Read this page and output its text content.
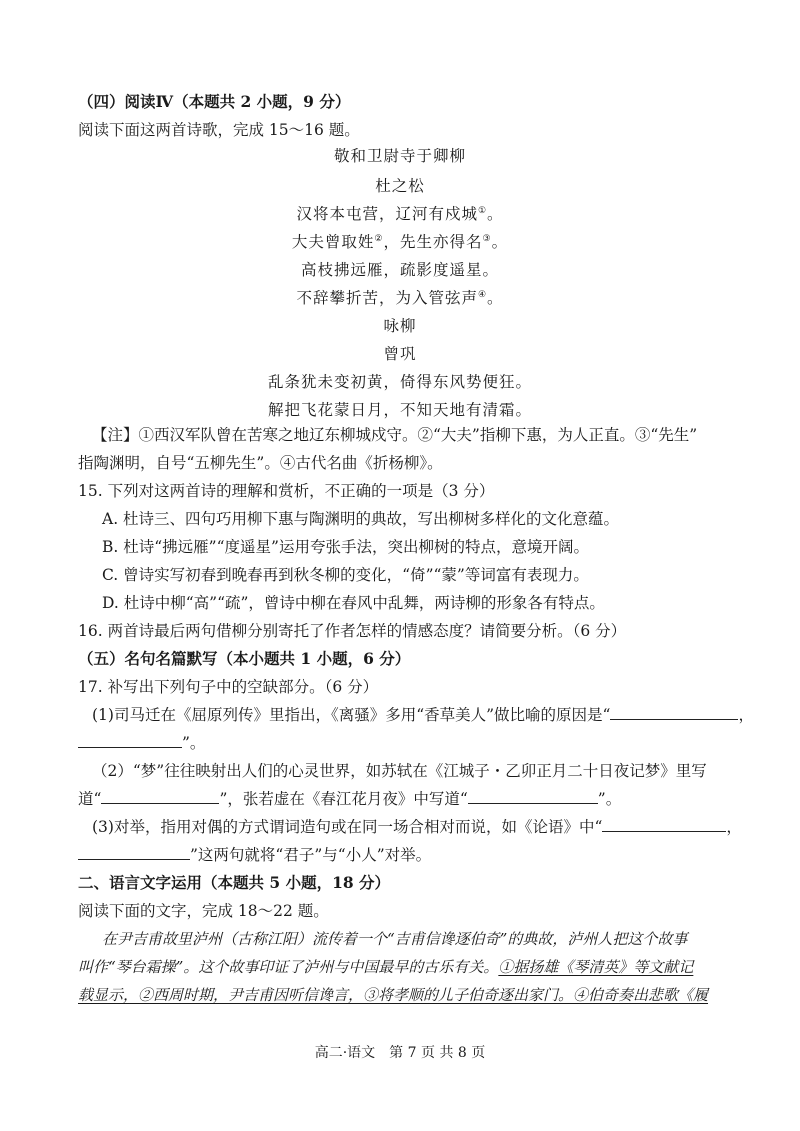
（四）阅读Ⅳ（本题共 2 小题，9 分）
阅读下面这两首诗歌，完成 15～16 题。
敬和卫尉寺于卿柳
杜之松
汉将本屯营，辽河有戍城①。
大夫曾取姓②，先生亦得名③。
高枝拂远雁，疏影度遥星。
不辞攀折苦，为入管弦声④。
咏柳
曾巩
乱条犹未变初黄，倚得东风势便狂。
解把飞花蒙日月，不知天地有清霜。
【注】①西汉军队曾在苦寒之地辽东柳城戍守。②“大夫”指柳下惠，为人正直。③“先生”
指陶渊明，自号“五柳先生”。④古代名曲《折杨柳》。
15. 下列对这两首诗的理解和赏析，不正确的一项是（3 分）
A. 杜诗三、四句巧用柳下惠与陶渊明的典故，写出柳树多样化的文化意蕴。
B. 杜诗“拂远雁”“度遥星”运用夸张手法，突出柳树的特点，意境开阔。
C. 曾诗实写初春到晚春再到秋冬柳的变化，“倚”“蒙”等词富有表现力。
D. 杜诗中柳“高”“疏”，曾诗中柳在春风中乱舞，两诗柳的形象各有特点。
16. 两首诗最后两句借柳分别寄托了作者怎样的情感态度？请简要分析。（6 分）
（五）名句名篇默写（本小题共 1 小题，6 分）
17. 补写出下列句子中的空缺部分。（6 分）
(1)司马迁在《屈原列传》里指出，《离骚》多用“香草美人”做比喻的原因是“	，
”。
（2）“梦”往往映射出人们的心灵世界，如苏轼在《江城子・乙卯正月二十日夜记梦》里写
道“	”，张若虚在《春江花月夜》中写道“	”。
(3)对举，指用对偶的方式谓词造句或在同一场合相对而说，如《论语》中“	，
”这两句就将“君子”与“小人”对举。
二、语言文字运用（本题共 5 小题，18 分）
阅读下面的文字，完成 18～22 题。
在尹吉甫故里泸州（古称江阳）流传着一个“吉甫信谗逐伯奇”的典故，泸州人把这个故事
叫作“琴台霜操”。这个故事印证了泸州与中国最早的古乐有关。①据扬雄《琴清英》等文献记
载显示，②西周时期，尹吉甫因听信谗言，③将孝顺的儿子伯奇逐出家门。④伯奇奏出悲歌《履
高二·语文　第 7 页 共 8 页
